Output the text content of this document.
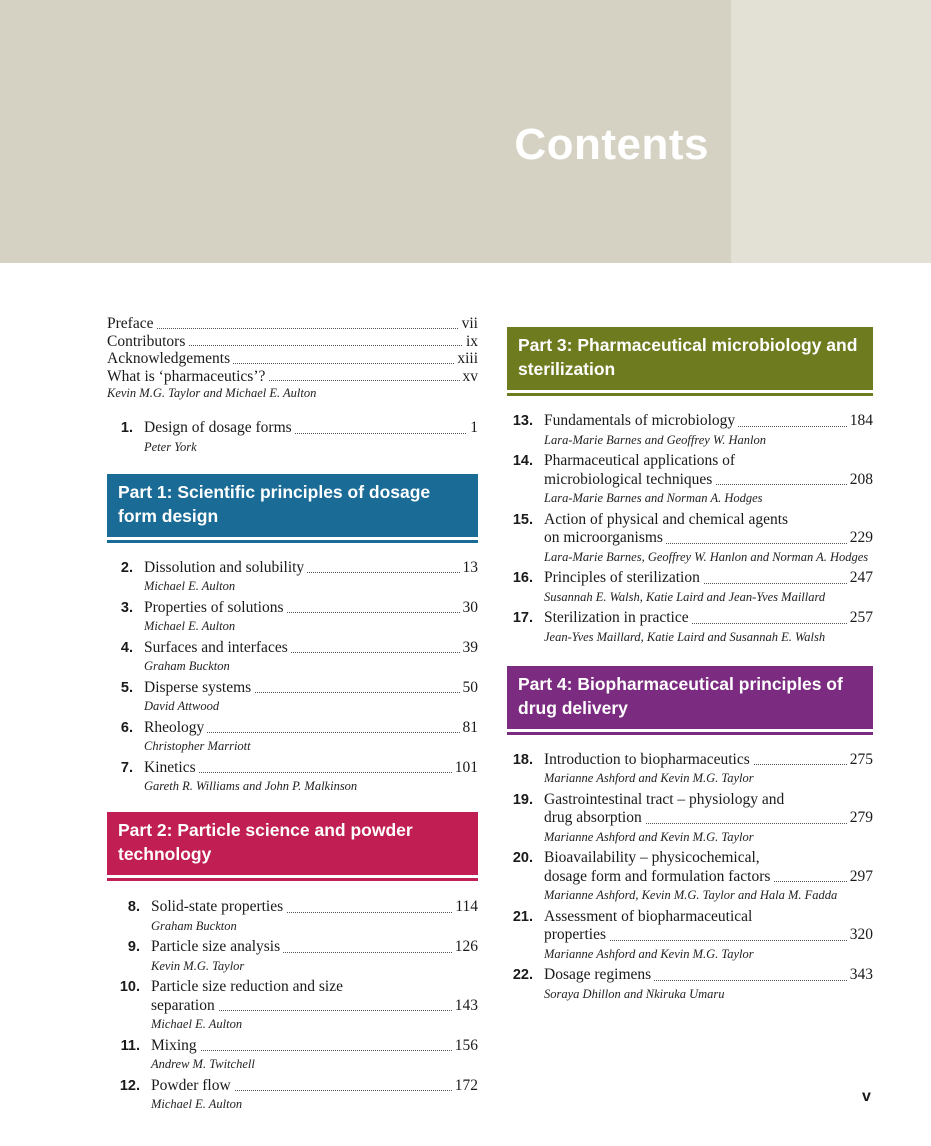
Contents
Preface	vii
Contributors	ix
Acknowledgements	xiii
What is ‘pharmaceutics’?	xv
Kevin M.G. Taylor and Michael E. Aulton
1. Design of dosage forms	1
Peter York
Part 1: Scientific principles of dosage form design
2. Dissolution and solubility	13
Michael E. Aulton
3. Properties of solutions	30
Michael E. Aulton
4. Surfaces and interfaces	39
Graham Buckton
5. Disperse systems	50
David Attwood
6. Rheology	81
Christopher Marriott
7. Kinetics	101
Gareth R. Williams and John P. Malkinson
Part 2: Particle science and powder technology
8. Solid-state properties	114
Graham Buckton
9. Particle size analysis	126
Kevin M.G. Taylor
10. Particle size reduction and size
separation	143
Michael E. Aulton
11. Mixing	156
Andrew M. Twitchell
12. Powder flow	172
Michael E. Aulton
Part 3: Pharmaceutical microbiology and sterilization
13. Fundamentals of microbiology	184
Lara-Marie Barnes and Geoffrey W. Hanlon
14. Pharmaceutical applications of
microbiological techniques	208
Lara-Marie Barnes and Norman A. Hodges
15. Action of physical and chemical agents
on microorganisms	229
Lara-Marie Barnes, Geoffrey W. Hanlon and Norman A. Hodges
16. Principles of sterilization	247
Susannah E. Walsh, Katie Laird and Jean-Yves Maillard
17. Sterilization in practice	257
Jean-Yves Maillard, Katie Laird and Susannah E. Walsh
Part 4: Biopharmaceutical principles of drug delivery
18. Introduction to biopharmaceutics	275
Marianne Ashford and Kevin M.G. Taylor
19. Gastrointestinal tract – physiology and
drug absorption	279
Marianne Ashford and Kevin M.G. Taylor
20. Bioavailability – physicochemical,
dosage form and formulation factors	297
Marianne Ashford, Kevin M.G. Taylor and Hala M. Fadda
21. Assessment of biopharmaceutical
properties	320
Marianne Ashford and Kevin M.G. Taylor
22. Dosage regimens	343
Soraya Dhillon and Nkiruka Umaru
v
